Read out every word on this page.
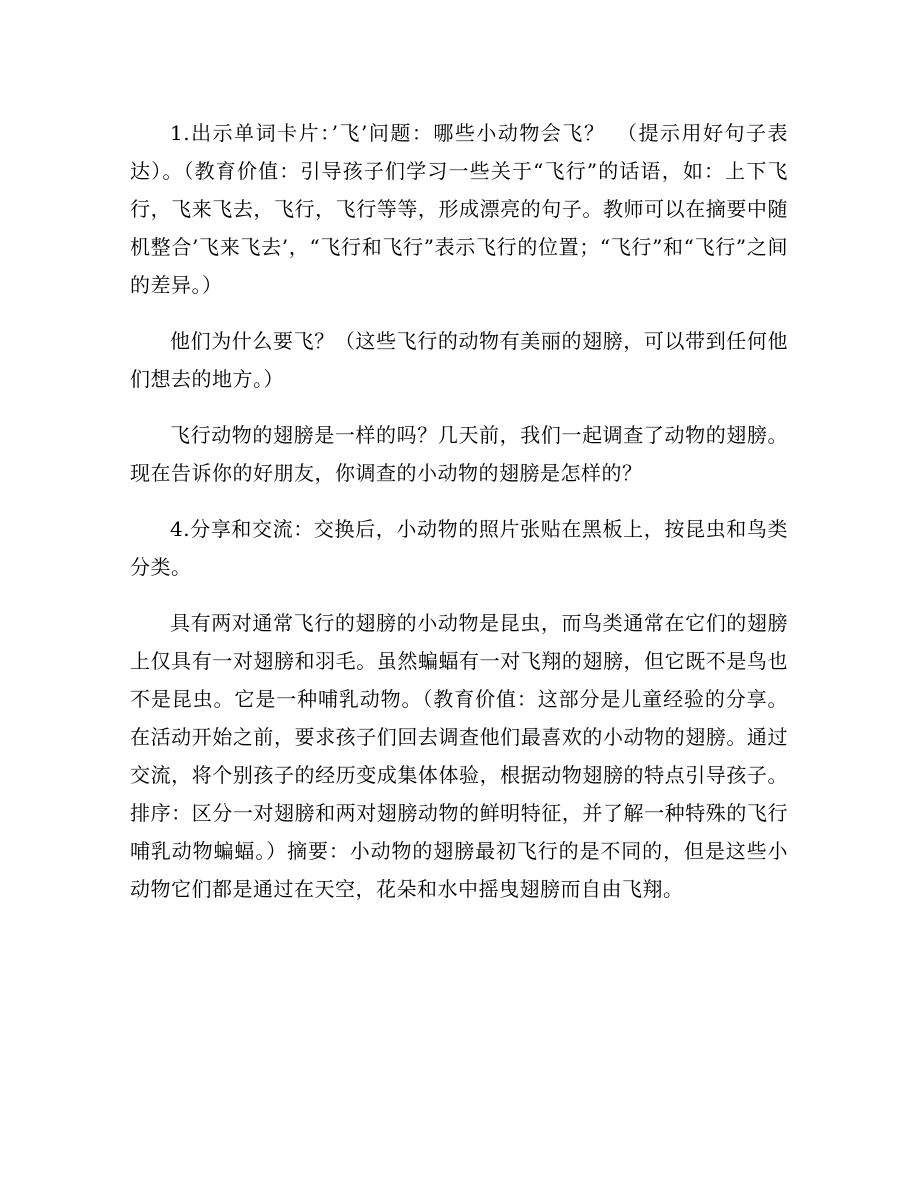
1.出示单词卡片：’飞’问题：哪些小动物会飞？　（提示用好句子表达）。（教育价值：引导孩子们学习一些关于“飞行”的话语，如：上下飞行，飞来飞去，飞行，飞行等等，形成漂亮的句子。教师可以在摘要中随机整合’飞来飞去’，“飞行和飞行”表示飞行的位置；“飞行”和“飞行”之间的差异。）

他们为什么要飞？（这些飞行的动物有美丽的翅膀，可以带到任何他们想去的地方。）

飞行动物的翅膀是一样的吗？几天前，我们一起调查了动物的翅膀。现在告诉你的好朋友，你调查的小动物的翅膀是怎样的？

4.分享和交流：交换后，小动物的照片张贴在黑板上，按昆虫和鸟类分类。

具有两对通常飞行的翅膀的小动物是昆虫，而鸟类通常在它们的翅膀上仅具有一对翅膀和羽毛。虽然蝙蝠有一对飞翔的翅膀，但它既不是鸟也不是昆虫。它是一种哺乳动物。（教育价值：这部分是儿童经验的分享。在活动开始之前，要求孩子们回去调查他们最喜欢的小动物的翅膀。通过交流，将个别孩子的经历变成集体体验，根据动物翅膀的特点引导孩子。排序：区分一对翅膀和两对翅膀动物的鲜明特征，并了解一种特殊的飞行哺乳动物蝙蝠。）摘要：小动物的翅膀最初飞行的是不同的，但是这些小动物它们都是通过在天空，花朵和水中摇曳翅膀而自由飞翔。
